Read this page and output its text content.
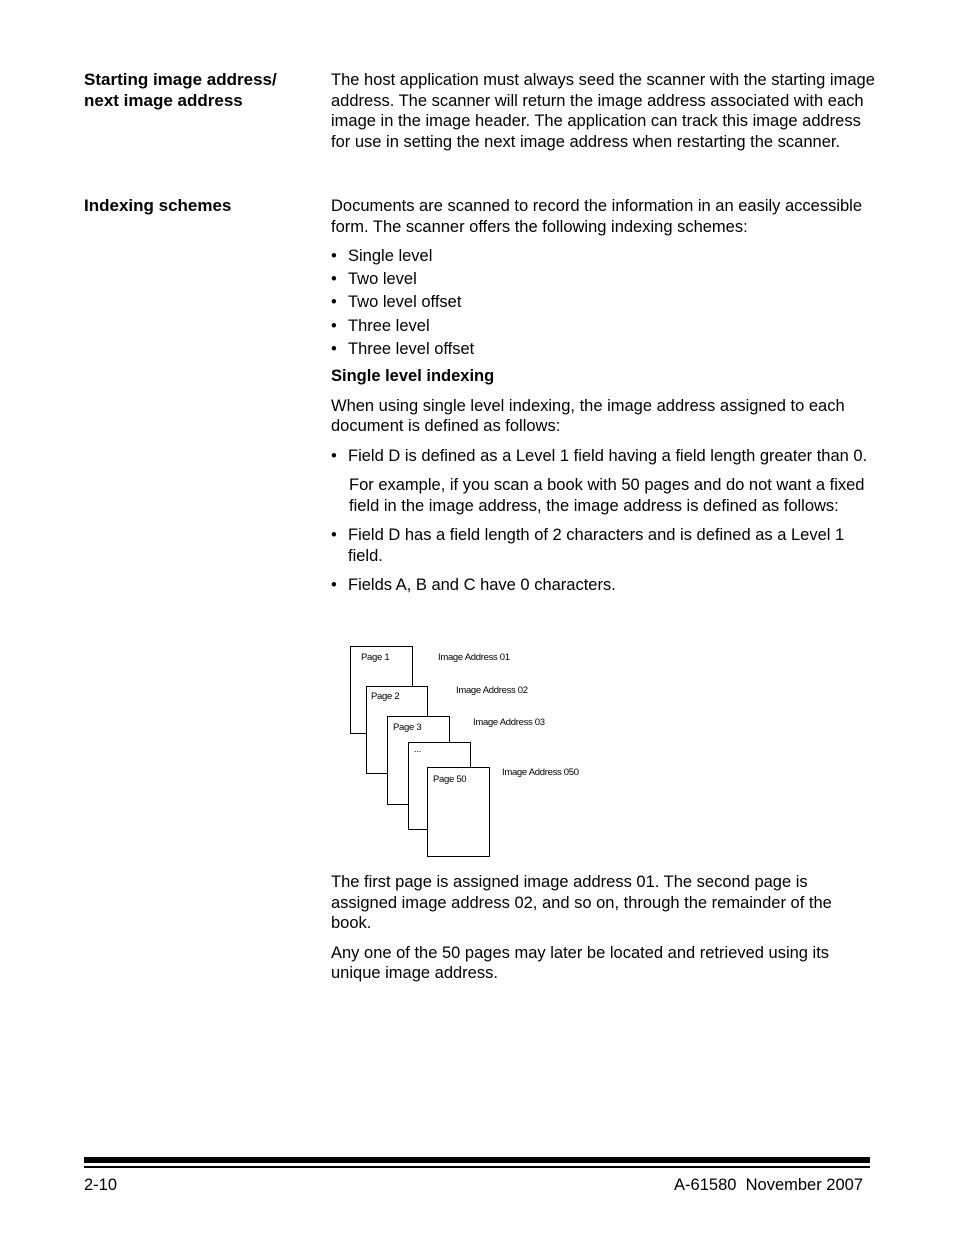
Starting image address/ next image address

The host application must always seed the scanner with the starting image address. The scanner will return the image address associated with each image in the image header. The application can track this image address for use in setting the next image address when restarting the scanner.

Indexing schemes	Documents are scanned to record the information in an easily accessible form. The scanner offers the following indexing schemes:

• Single level
• Two level
• Two level offset
• Three level
• Three level offset

Single level indexing

When using single level indexing, the image address assigned to each document is defined as follows:

• Field D is defined as a Level 1 field having a field length greater than 0.

For example, if you scan a book with 50 pages and do not want a fixed field in the image address, the image address is defined as follows:

• Field D has a field length of 2 characters and is defined as a Level 1 field.
• Fields A, B and C have 0 characters.
Page 1
Page 2
Page 3
...
Page 50
Image Address 01
Image Address 02
Image Address 03
Image Address 050

The first page is assigned image address 01. The second page is assigned image address 02, and so on, through the remainder of the book.

Any one of the 50 pages may later be located and retrieved using its unique image address.

2-10	A-61580  November 2007
